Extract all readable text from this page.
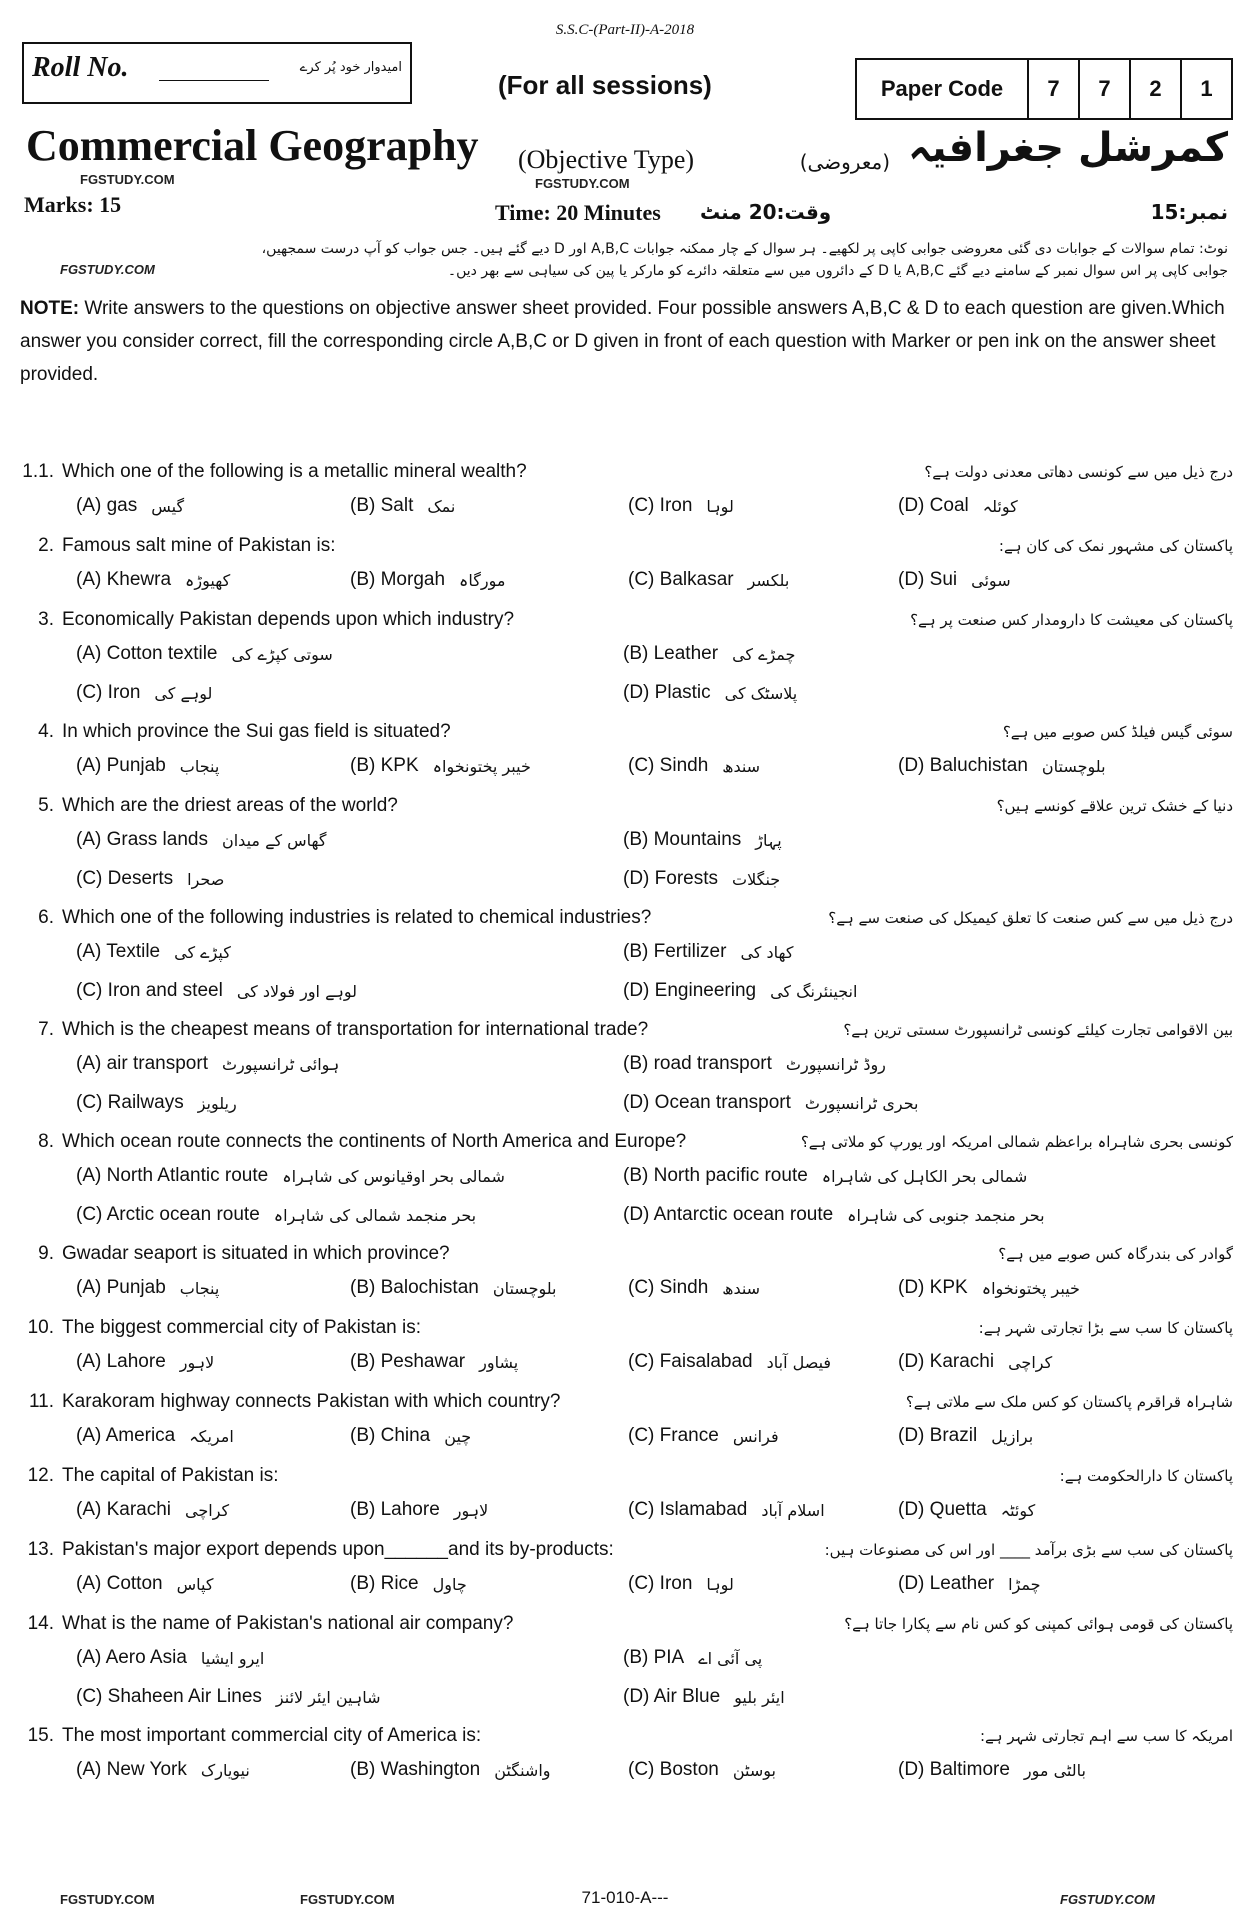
S.S.C-(Part-II)-A-2018
Roll No.	امیدوار خود پُر کرے
(For all sessions)	Paper Code	7	7	2	1
Commercial Geography (Objective Type)	کمرشل جغرافیہ
(معروضی)
FGSTUDY.COM	FGSTUDY.COM
Marks: 15	Time: 20 Minutes وقت:20 منٹ	نمبر:15
نوٹ: تمام سوالات کے جوابات دی گئی معروضی جوابی کاپی پر لکھیے۔ ہر سوال کے چار ممکنہ جوابات A,B,C اور D دیے گئے ہیں۔ جس جواب کو آپ درست سمجھیں، جوابی کاپی پر اس سوال نمبر کے سامنے دیے گئے A,B,C یا D کے دائروں میں سے متعلقہ دائرے کو مارکر یا پین کی سیاہی سے بھر دیں۔
FGSTUDY.COM
NOTE: Write answers to the questions on objective answer sheet provided. Four possible answers A,B,C & D to each question are given.Which answer you consider correct, fill the corresponding circle A,B,C or D given in front of each question with Marker or pen ink on the answer sheet provided.
1.1. Which one of the following is a metallic mineral wealth?	درج ذیل میں سے کونسی دھاتی معدنی دولت ہے؟
(A) gas گیس	(B) Salt نمک	(C) Iron لوہا	(D) Coal کوئلہ
2. Famous salt mine of Pakistan is:	پاکستان کی مشہور نمک کی کان ہے:
(A) Khewra کھیوڑہ	(B) Morgah مورگاہ	(C) Balkasar بلکسر	(D) Sui سوئی
3. Economically Pakistan depends upon which industry?	پاکستان کی معیشت کا دارومدار کس صنعت پر ہے؟
(A) Cotton textile سوتی کپڑے کی	(B) Leather چمڑے کی
(C) Iron لوہے کی	(D) Plastic پلاسٹک کی
4. In which province the Sui gas field is situated?	سوئی گیس فیلڈ کس صوبے میں ہے؟
(A) Punjab پنجاب	(B) KPK خیبر پختونخواہ	(C) Sindh سندھ	(D) Baluchistan بلوچستان
5. Which are the driest areas of the world?	دنیا کے خشک ترین علاقے کونسے ہیں؟
(A) Grass lands گھاس کے میدان	(B) Mountains پہاڑ
(C) Deserts صحرا	(D) Forests جنگلات
6. Which one of the following industries is related to chemical industries?	درج ذیل میں سے کس صنعت کا تعلق کیمیکل کی صنعت سے ہے؟
(A) Textile کپڑے کی	(B) Fertilizer کھاد کی
(C) Iron and steel لوہے اور فولاد کی	(D) Engineering انجینئرنگ کی
7. Which is the cheapest means of transportation for international trade?	بین الاقوامی تجارت کیلئے کونسی ٹرانسپورٹ سستی ترین ہے؟
(A) air transport ہوائی ٹرانسپورٹ	(B) road transport روڈ ٹرانسپورٹ
(C) Railways ریلویز	(D) Ocean transport بحری ٹرانسپورٹ
8. Which ocean route connects the continents of North America and Europe?	کونسی بحری شاہراہ براعظم شمالی امریکہ اور یورپ کو ملاتی ہے؟
(A) North Atlantic route شمالی بحر اوقیانوس کی شاہراہ	(B) North pacific route شمالی بحر الکاہل کی شاہراہ
(C) Arctic ocean route بحر منجمد شمالی کی شاہراہ	(D) Antarctic ocean route بحر منجمد جنوبی کی شاہراہ
9. Gwadar seaport is situated in which province?	گوادر کی بندرگاہ کس صوبے میں ہے؟
(A) Punjab پنجاب	(B) Balochistan بلوچستان	(C) Sindh سندھ	(D) KPK خیبر پختونخواہ
10. The biggest commercial city of Pakistan is:	پاکستان کا سب سے بڑا تجارتی شہر ہے:
(A) Lahore لاہور	(B) Peshawar پشاور	(C) Faisalabad فیصل آباد	(D) Karachi کراچی
11. Karakoram highway connects Pakistan with which country?	شاہراہ قراقرم پاکستان کو کس ملک سے ملاتی ہے؟
(A) America امریکہ	(B) China چین	(C) France فرانس	(D) Brazil برازیل
12. The capital of Pakistan is:	پاکستان کا دارالحکومت ہے:
(A) Karachi کراچی	(B) Lahore لاہور	(C) Islamabad اسلام آباد	(D) Quetta کوئٹہ
13. Pakistan's major export depends upon______and its by-products:	پاکستان کی سب سے بڑی برآمد ____ اور اس کی مصنوعات ہیں:
(A) Cotton کپاس	(B) Rice چاول	(C) Iron لوہا	(D) Leather چمڑا
14. What is the name of Pakistan's national air company?	پاکستان کی قومی ہوائی کمپنی کو کس نام سے پکارا جاتا ہے؟
(A) Aero Asia ایرو ایشیا	(B) PIA پی آئی اے
(C) Shaheen Air Lines شاہین ایئر لائنز	(D) Air Blue ایئر بلیو
15. The most important commercial city of America is:	امریکہ کا سب سے اہم تجارتی شہر ہے:
(A) New York نیویارک	(B) Washington واشنگٹن	(C) Boston بوسٹن	(D) Baltimore بالٹی مور
FGSTUDY.COM	FGSTUDY.COM	FGSTUDY.COM
71-010-A---
